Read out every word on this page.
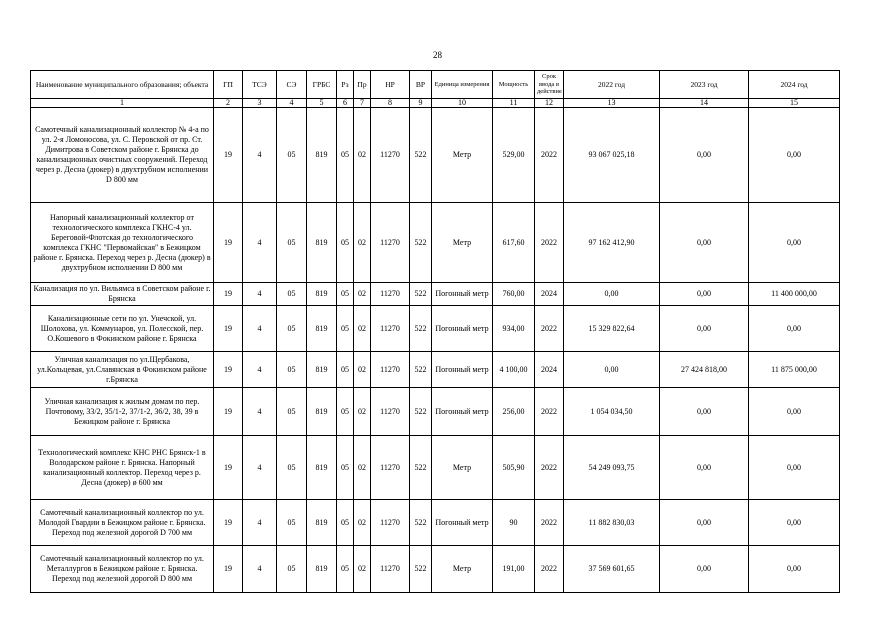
28
Наименование муниципального образования; объекта	ГП	ТСЭ	СЭ	ГРБС	Рз	Пр	НР	ВР	Единица измерения	Мощность	Срок ввода в действие	2022 год	2023 год	2024 год
1	2	3	4	5	6	7	8	9	10	11	12	13	14	15
Самотечный канализационный коллектор № 4-а по ул. 2-я Ломоносова, ул. С. Перовской от пр. Ст. Димитрова в Советском районе г. Брянска до канализационных очистных сооружений. Переход через р. Десна (дюкер) в двухтрубном исполнении D 800 мм	19	4	05	819	05	02	11270	522	Метр	529,00	2022	93 067 025,18	0,00	0,00
Напорный канализационный коллектор от технологического комплекса ГКНС-4 ул. Береговой-Флотская до технологического комплекса ГКНС "Первомайская" в Бежицком районе г. Брянска. Переход через р. Десна (дюкер) в двухтрубном исполнении D 800 мм	19	4	05	819	05	02	11270	522	Метр	617,60	2022	97 162 412,90	0,00	0,00
Канализация по ул. Вильямса в Советском районе г. Брянска	19	4	05	819	05	02	11270	522	Погонный метр	760,00	2024	0,00	0,00	11 400 000,00
Канализационные сети по ул. Унечской, ул. Шолохова, ул. Коммунаров, ул. Полесской, пер. О.Кошевого в Фокинском районе г. Брянска	19	4	05	819	05	02	11270	522	Погонный метр	934,00	2022	15 329 822,64	0,00	0,00
Уличная канализация по ул.Щербакова, ул.Кольцевая, ул.Славянская в Фокинском районе г.Брянска	19	4	05	819	05	02	11270	522	Погонный метр	4 100,00	2024	0,00	27 424 818,00	11 875 000,00
Уличная канализация к жилым домам по пер. Почтовому, 33/2, 35/1-2, 37/1-2, 36/2, 38, 39 в Бежицком районе г. Брянска	19	4	05	819	05	02	11270	522	Погонный метр	256,00	2022	1 054 034,50	0,00	0,00
Технологический комплекс КНС РНС Брянск-1 в Володарском районе г. Брянска. Напорный канализационный коллектор. Переход через р. Десна (дюкер) ø 600 мм	19	4	05	819	05	02	11270	522	Метр	505,90	2022	54 249 093,75	0,00	0,00
Самотечный канализационный коллектор по ул. Молодой Гвардии в Бежицком районе г. Брянска. Переход под железной дорогой D 700 мм	19	4	05	819	05	02	11270	522	Погонный метр	90	2022	11 882 830,03	0,00	0,00
Самотечный канализационный коллектор по ул. Металлургов в Бежицком районе г. Брянска. Переход под железной дорогой D 800 мм	19	4	05	819	05	02	11270	522	Метр	191,00	2022	37 569 601,65	0,00	0,00
